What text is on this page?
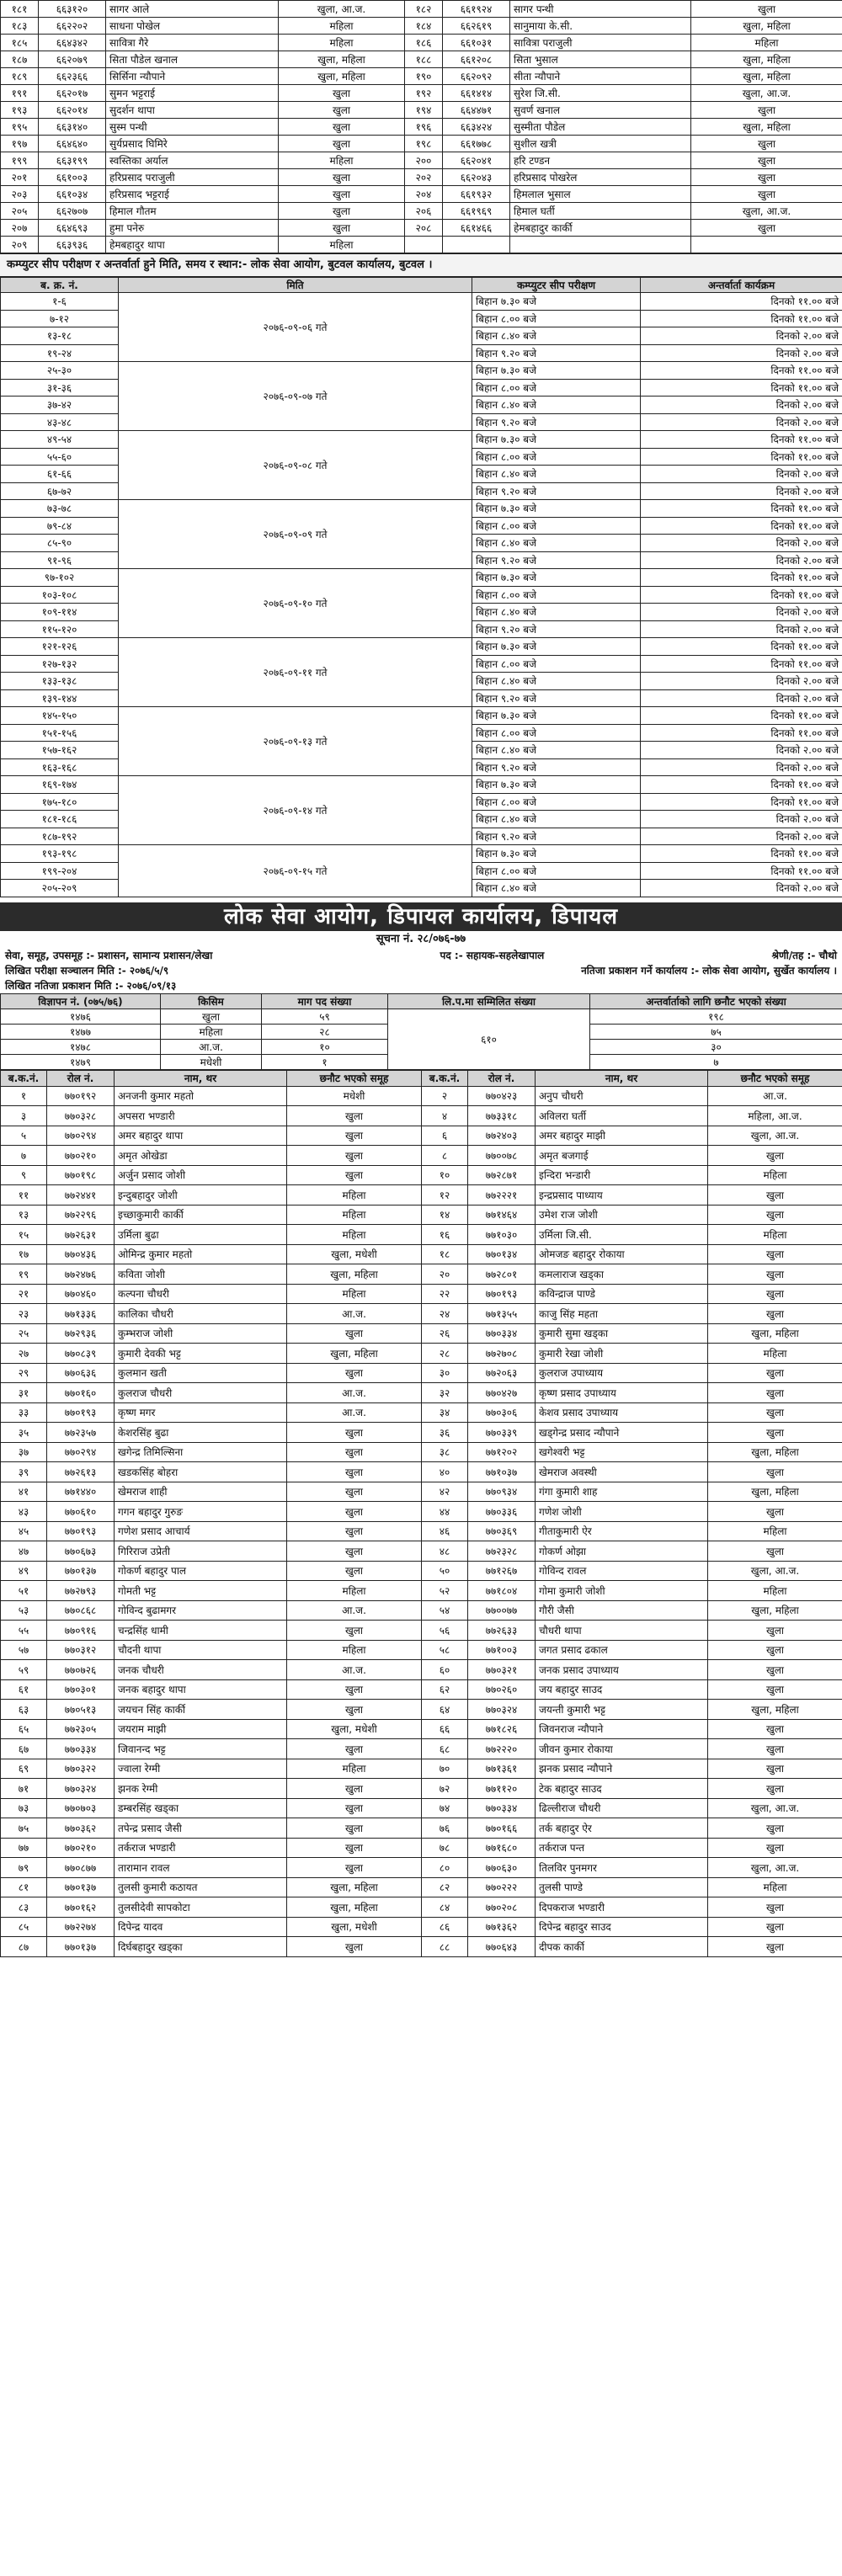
१८१	६६३१२०	सागर आले	खुला, आ.ज.	१८२	६६१९२४	सागर पन्थी	खुला
१८३	६६२२०२	साधना पोखेल	महिला	१८४	६६२६१९	सानुमाया के.सी.	खुला, महिला
१८५	६६४३४२	सावित्रा गैरे	महिला	१८६	६६१०३१	सावित्रा पराजुली	महिला
१८७	६६२०७९	सिता पौडेल खनाल	खुला, महिला	१८८	६६१२०८	सिता भुसाल	खुला, महिला
१८९	६६२३६६	सिर्सिना न्यौपाने	खुला, महिला	१९०	६६२०९२	सीता न्यौपाने	खुला, महिला
१९१	६६२०१७	सुमन भट्टराई	खुला	१९२	६६१४१४	सुरेश जि.सी.	खुला, आ.ज.
१९३	६६२०१४	सुदर्शन थापा	खुला	१९४	६६४४७१	सुवर्ण खनाल	खुला
१९५	६६३१४०	सुस्म पन्थी	खुला	१९६	६६३४२४	सुस्मीता पौडेल	खुला, महिला
१९७	६६४६४०	सुर्यप्रसाद घिमिरे	खुला	१९८	६६१७७८	सुशील खत्री	खुला
१९९	६६३१९९	स्वस्तिका अर्याल	महिला	२००	६६२०४१	हरि टण्डन	खुला
२०१	६६१००३	हरिप्रसाद पराजुली	खुला	२०२	६६२०४३	हरिप्रसाद पोखरेल	खुला
२०३	६६१०३४	हरिप्रसाद भट्टराई	खुला	२०४	६६१९३२	हिमलाल भुसाल	खुला
२०५	६६२७०७	हिमाल गौतम	खुला	२०६	६६१९६९	हिमाल घर्ती	खुला, आ.ज.
२०७	६६४६९३	हुमा पनेरु	खुला	२०८	६६१४६६	हेमबहादुर कार्की	खुला
२०९	६६३९३६	हेमबहादुर थापा	महिला				
कम्प्युटर सीप परीक्षण र अन्तर्वार्ता हुने मिति, समय र स्थान:- लोक सेवा आयोग, बुटवल कार्यालय, बुटवल ।
ब. क्र. नं.	मिति	कम्प्युटर सीप परीक्षण	अन्तर्वार्ता कार्यक्रम
१-६	२०७६-०९-०६ गते	बिहान ७.३० बजे	दिनको ११.०० बजे
७-१२		बिहान ८.०० बजे	दिनको ११.०० बजे
१३-१८		बिहान ८.४० बजे	दिनको २.०० बजे
१९-२४		बिहान ९.२० बजे	दिनको २.०० बजे
२५-३०	२०७६-०९-०७ गते	बिहान ७.३० बजे	दिनको ११.०० बजे
३१-३६		बिहान ८.०० बजे	दिनको ११.०० बजे
३७-४२		बिहान ८.४० बजे	दिनको २.०० बजे
४३-४८		बिहान ९.२० बजे	दिनको २.०० बजे
४९-५४	२०७६-०९-०८ गते	बिहान ७.३० बजे	दिनको ११.०० बजे
५५-६०		बिहान ८.०० बजे	दिनको ११.०० बजे
६१-६६		बिहान ८.४० बजे	दिनको २.०० बजे
६७-७२		बिहान ९.२० बजे	दिनको २.०० बजे
७३-७८	२०७६-०९-०९ गते	बिहान ७.३० बजे	दिनको ११.०० बजे
७९-८४		बिहान ८.०० बजे	दिनको ११.०० बजे
८५-९०		बिहान ८.४० बजे	दिनको २.०० बजे
९१-९६		बिहान ९.२० बजे	दिनको २.०० बजे
९७-१०२	२०७६-०९-१० गते	बिहान ७.३० बजे	दिनको ११.०० बजे
१०३-१०८		बिहान ८.०० बजे	दिनको ११.०० बजे
१०९-११४		बिहान ८.४० बजे	दिनको २.०० बजे
११५-१२०		बिहान ९.२० बजे	दिनको २.०० बजे
१२१-१२६	२०७६-०९-११ गते	बिहान ७.३० बजे	दिनको ११.०० बजे
१२७-१३२		बिहान ८.०० बजे	दिनको ११.०० बजे
१३३-१३८		बिहान ८.४० बजे	दिनको २.०० बजे
१३९-१४४		बिहान ९.२० बजे	दिनको २.०० बजे
१४५-१५०	२०७६-०९-१३ गते	बिहान ७.३० बजे	दिनको ११.०० बजे
१५१-१५६		बिहान ८.०० बजे	दिनको ११.०० बजे
१५७-१६२		बिहान ८.४० बजे	दिनको २.०० बजे
१६३-१६८		बिहान ९.२० बजे	दिनको २.०० बजे
१६९-१७४	२०७६-०९-१४ गते	बिहान ७.३० बजे	दिनको ११.०० बजे
१७५-१८०		बिहान ८.०० बजे	दिनको ११.०० बजे
१८१-१८६		बिहान ८.४० बजे	दिनको २.०० बजे
१८७-१९२		बिहान ९.२० बजे	दिनको २.०० बजे
१९३-१९८	२०७६-०९-१५ गते	बिहान ७.३० बजे	दिनको ११.०० बजे
१९९-२०४		बिहान ८.०० बजे	दिनको ११.०० बजे
२०५-२०९		बिहान ८.४० बजे	दिनको २.०० बजे
लोक सेवा आयोग, डिपायल कार्यालय, डिपायल
सूचना नं. २८/०७६-७७
सेवा, समूह, उपसमूह :- प्रशासन, सामान्य प्रशासन/लेखा	पद :- सहायक-सहलेखापाल	श्रेणी/तह :- चौथो
लिखित परीक्षा सञ्चालन मिति :- २०७६/५/९	नतिजा प्रकाशन गर्ने कार्यालय :- लोक सेवा आयोग, सुर्खेत कार्यालय ।
लिखित नतिजा प्रकाशन मिति :- २०७६/०९/१३
विज्ञापन नं. (०७५/७६)	किसिम	माग पद संख्या	लि.प.मा सम्मिलित संख्या	अन्तर्वार्ताको लागि छनौट भएको संख्या
१४७६	खुला	५९	६१०	१९८
१४७७	महिला	२८		७५
१४७८	आ.ज.	१०		३०
१४७९	मधेशी	१		७
ब.क.नं.	रोल नं.	नाम, थर	छनौट भएको समूह	ब.क.नं.	रोल नं.	नाम, थर	छनौट भएको समूह
१	७७०१९२	अनजनी कुमार महतो	मधेशी	२	७७०४२३	अनुप चौधरी	आ.ज.
३	७७०३२८	अपसरा भण्डारी	खुला	४	७७३३१८	अविलरा घर्ती	महिला, आ.ज.
५	७७०२९४	अमर बहादुर थापा	खुला	६	७७२४०३	अमर बहादुर माझी	खुला, आ.ज.
७	७७०२१०	अमृत ओखेडा	खुला	८	७७००७८	अमृत बजगाई	खुला
९	७७०१९८	अर्जुन प्रसाद जोशी	खुला	१०	७७२८७१	इन्दिरा भन्डारी	महिला
११	७७२४४१	इन्दुबहादुर जोशी	महिला	१२	७७२२२१	इन्द्रप्रसाद पाध्याय	खुला
१३	७७२२९६	इच्छाकुमारी कार्की	महिला	१४	७७१४६४	उमेश राज जोशी	खुला
१५	७७२६३१	उर्मिला बुढा	महिला	१६	७७१०३०	उर्मिला जि.सी.	महिला
१७	७७०४३६	ओमिन्द्र कुमार महतो	खुला, मधेशी	१८	७७०१३४	ओमजङ बहादुर रोकाया	खुला
१९	७७२४७६	कविता जोशी	खुला, महिला	२०	७७२८०१	कमलाराज खड्का	खुला
२१	७७०४६०	कल्पना चौधरी	महिला	२२	७७०१९३	कविन्द्राज पाण्डे	खुला
२३	७७१३३६	कालिका चौधरी	आ.ज.	२४	७७१३५५	काजु सिंह महता	खुला
२५	७७२९३६	कुम्भराज जोशी	खुला	२६	७७०३३४	कुमारी सुमा खड्का	खुला, महिला
२७	७७०८३९	कुमारी देवकी भट्ट	खुला, महिला	२८	७७२७०८	कुमारी रेखा जोशी	महिला
२९	७७०६३६	कुलमान खती	खुला	३०	७७२०६३	कुलराज उपाध्याय	खुला
३१	७७०१६०	कुलराज चौधरी	आ.ज.	३२	७७०४२७	कृष्ण प्रसाद उपाध्याय	खुला
३३	७७०१९३	कृष्ण मगर	आ.ज.	३४	७७०३०६	केशव प्रसाद उपाध्याय	खुला
३५	७७२३५७	केशरसिंह बुढा	खुला	३६	७७०३३९	खड्गेन्द्र प्रसाद न्यौपाने	खुला
३७	७७०२९४	खगेन्द्र तिमिल्सिना	खुला	३८	७७१२०२	खगेश्वरी भट्ट	खुला, महिला
३९	७७२६१३	खडकसिंह बोहरा	खुला	४०	७७१०३७	खेमराज अवस्थी	खुला
४१	७७१४४०	खेमराज शाही	खुला	४२	७७०९३४	गंगा कुमारी शाह	खुला, महिला
४३	७७०६१०	गगन बहादुर गुरुङ	खुला	४४	७७०३३६	गणेश जोशी	खुला
४५	७७०१९३	गणेश प्रसाद आचार्य	खुला	४६	७७०३६९	गीताकुमारी ऐर	महिला
४७	७७०६७३	गिरिराज उप्रेती	खुला	४८	७७२३२८	गोकर्ण ओझा	खुला
४९	७७०१३७	गोकर्ण बहादुर पाल	खुला	५०	७७१२६७	गोविन्द रावल	खुला, आ.ज.
५१	७७२७९३	गोमती भट्ट	महिला	५२	७७१८०४	गोमा कुमारी जोशी	महिला
५३	७७०८६८	गोविन्द बुढामगर	आ.ज.	५४	७७००७७	गौरी जैसी	खुला, महिला
५५	७७०९१६	चन्द्रसिंह धामी	खुला	५६	७७२६३३	चौधरी थापा	खुला
५७	७७०३१२	चौदनी थापा	महिला	५८	७७१००३	जगत प्रसाद ढकाल	खुला
५९	७७०७२६	जनक चौधरी	आ.ज.	६०	७७०३२१	जनक प्रसाद उपाध्याय	खुला
६१	७७०३०१	जनक बहादुर थापा	खुला	६२	७७०२६०	जय बहादुर साउद	खुला
६३	७७०५१३	जयचन सिंह कार्की	खुला	६४	७७०३२४	जयन्ती कुमारी भट्ट	खुला, महिला
६५	७७२३०५	जयराम माझी	खुला, मधेशी	६६	७७१८२६	जिवनराज न्यौपाने	खुला
६७	७७०३३४	जिवानन्द भट्ट	खुला	६८	७७२२२०	जीवन कुमार रोकाया	खुला
६९	७७०३२२	ज्वाला रेग्मी	महिला	७०	७७१३६१	झनक प्रसाद न्यौपाने	खुला
७१	७७०३२४	झनक रेग्मी	खुला	७२	७७११२०	टेक बहादुर साउद	खुला
७३	७७०७०३	डम्बरसिंह खड्का	खुला	७४	७७०३३४	ढिल्लीराज चौधरी	खुला, आ.ज.
७५	७७०३६२	तपेन्द्र प्रसाद जैसी	खुला	७६	७७०१६६	तर्क बहादुर ऐर	खुला
७७	७७०२१०	तर्कराज भण्डारी	खुला	७८	७७१६८०	तर्कराज पन्त	खुला
७९	७७०८७७	तारामान रावल	खुला	८०	७७०६३०	तिलविर पुनमगर	खुला, आ.ज.
८१	७७०१३७	तुलसी कुमारी कठायत	खुला, महिला	८२	७७०२२२	तुलसी पाण्डे	महिला
८३	७७०१६२	तुलसीदेवी सापकोटा	खुला, महिला	८४	७७०२०८	दिपकराज भण्डारी	खुला
८५	७७२२७४	दिपेन्द्र यादव	खुला, मधेशी	८६	७७१३६२	दिपेन्द्र बहादुर साउद	खुला
८७	७७०१३७	दिर्घबहादुर खड्का	खुला	८८	७७०६४३	दीपक कार्की	खुला
